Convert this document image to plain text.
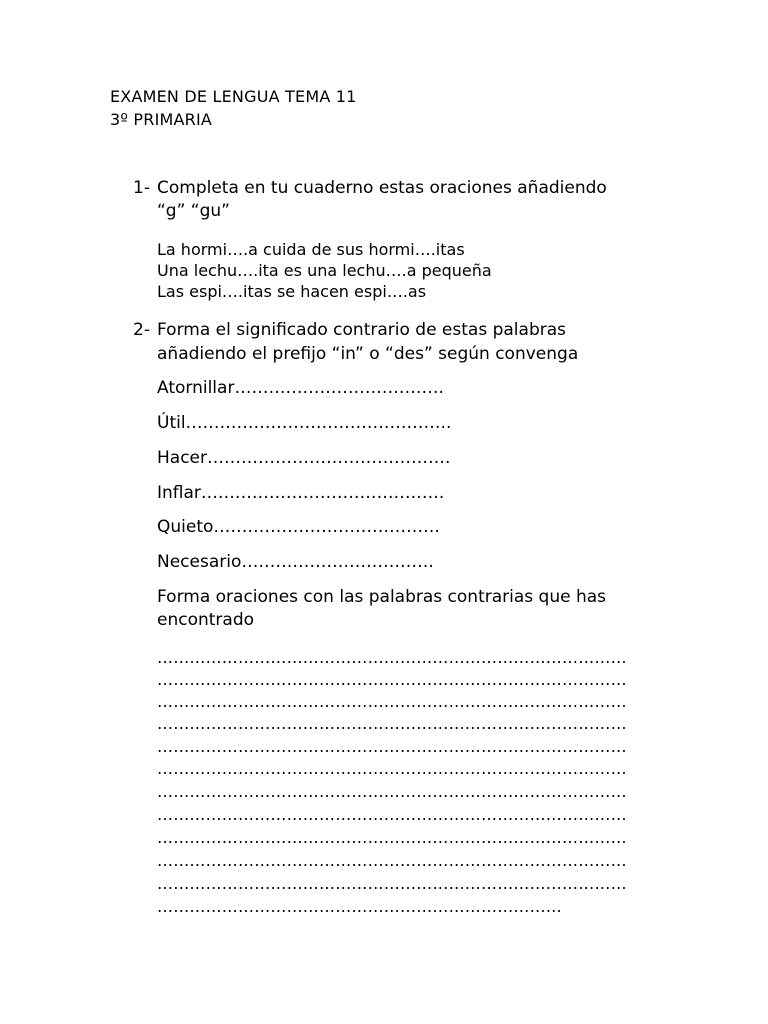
EXAMEN DE LENGUA TEMA 11
3º PRIMARIA
1- Completa en tu cuaderno estas oraciones añadiendo
“g” “gu”
La hormi….a cuida de sus hormi….itas
Una lechu….ita es una lechu….a pequeña
Las espi….itas se hacen espi….as
2- Forma el significado contrario de estas palabras
añadiendo el prefijo “in” o “des” según convenga
Atornillar……………………………….
Útil………………………………………..
Hacer…………………………………….
Inflar…………………………………….
Quieto………………………………….
Necesario…………………………….
Forma oraciones con las palabras contrarias que has
encontrado
……………………………………………………………………………
……………………………………………………………………………
……………………………………………………………………………
……………………………………………………………………………
……………………………………………………………………………
……………………………………………………………………………
……………………………………………………………………………
……………………………………………………………………………
……………………………………………………………………………
……………………………………………………………………………
……………………………………………………………………………
…………………………………………………………………
